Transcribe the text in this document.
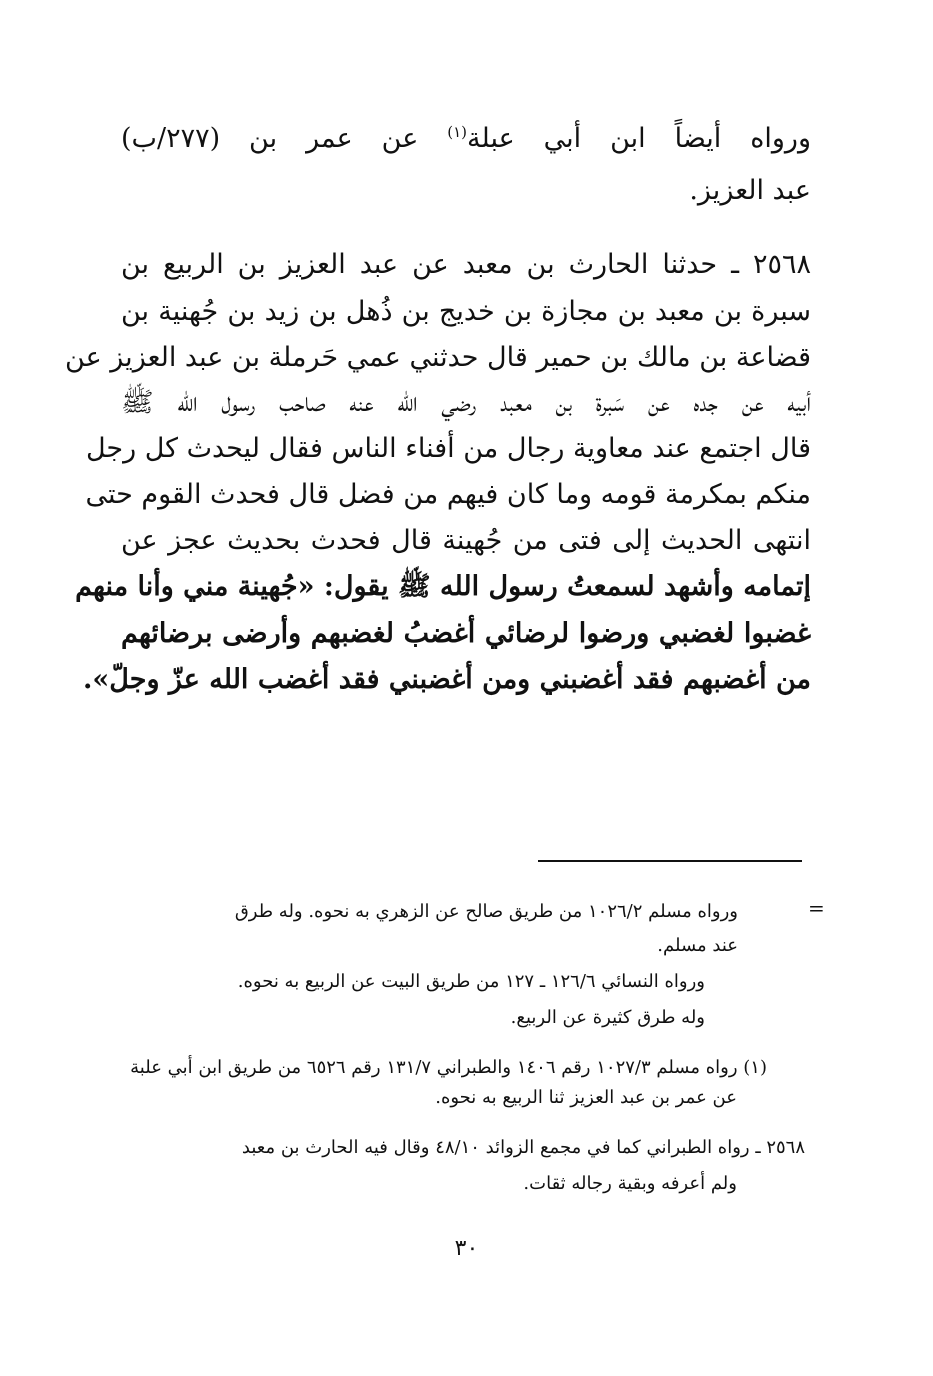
ورواه أيضاً ابن أبي عبلة$^{(١)}$ عن عمر بن (٢٧٧/ب)
عبد العزيز.
٢٥٦٨ ـ حدثنا الحارث بن معبد عن عبد العزيز بن الربيع بن
سبرة بن معبد بن مجازة بن خديج بن ذُهل بن زيد بن جُهنية بن
قضاعة بن مالك بن حمير قال حدثني عمي حَرملة بن عبد العزيز عن
أبيه عن جده عن سَبرة بن معبد رضي الله عنه صاحب رسول الله ﷺ
قال اجتمع عند معاوية رجال من أفناء الناس فقال ليحدث كل رجل
منكم بمكرمة قومه وما كان فيهم من فضل قال فحدث القوم حتى
انتهى الحديث إلى فتى من جُهينة قال فحدث بحديث عجز عن
إتمامه وأشهد لسمعتُ رسول الله ﷺ يقول: «جُهينة مني وأنا منهم
غضبوا لغضبي ورضوا لرضائي أغضبُ لغضبهم وأرضى برضائهم
من أغضبهم فقد أغضبني ومن أغضبني فقد أغضب الله عزّ وجلّ».
=
ورواه مسلم ١٠٢٦/٢ من طريق صالح عن الزهري به نحوه. وله طرق
عند مسلم.
ورواه النسائي ١٢٦/٦ ـ ١٢٧ من طريق البيت عن الربيع به نحوه.
وله طرق كثيرة عن الربيع.
(١) رواه مسلم ١٠٢٧/٣ رقم ١٤٠٦ والطبراني ١٣١/٧ رقم ٦٥٢٦ من طريق ابن أبي علبة
عن عمر بن عبد العزيز ثنا الربيع به نحوه.
٢٥٦٨ ـ رواه الطبراني كما في مجمع الزوائد ٤٨/١٠ وقال فيه الحارث بن معبد
ولم أعرفه وبقية رجاله ثقات.
٣٠
